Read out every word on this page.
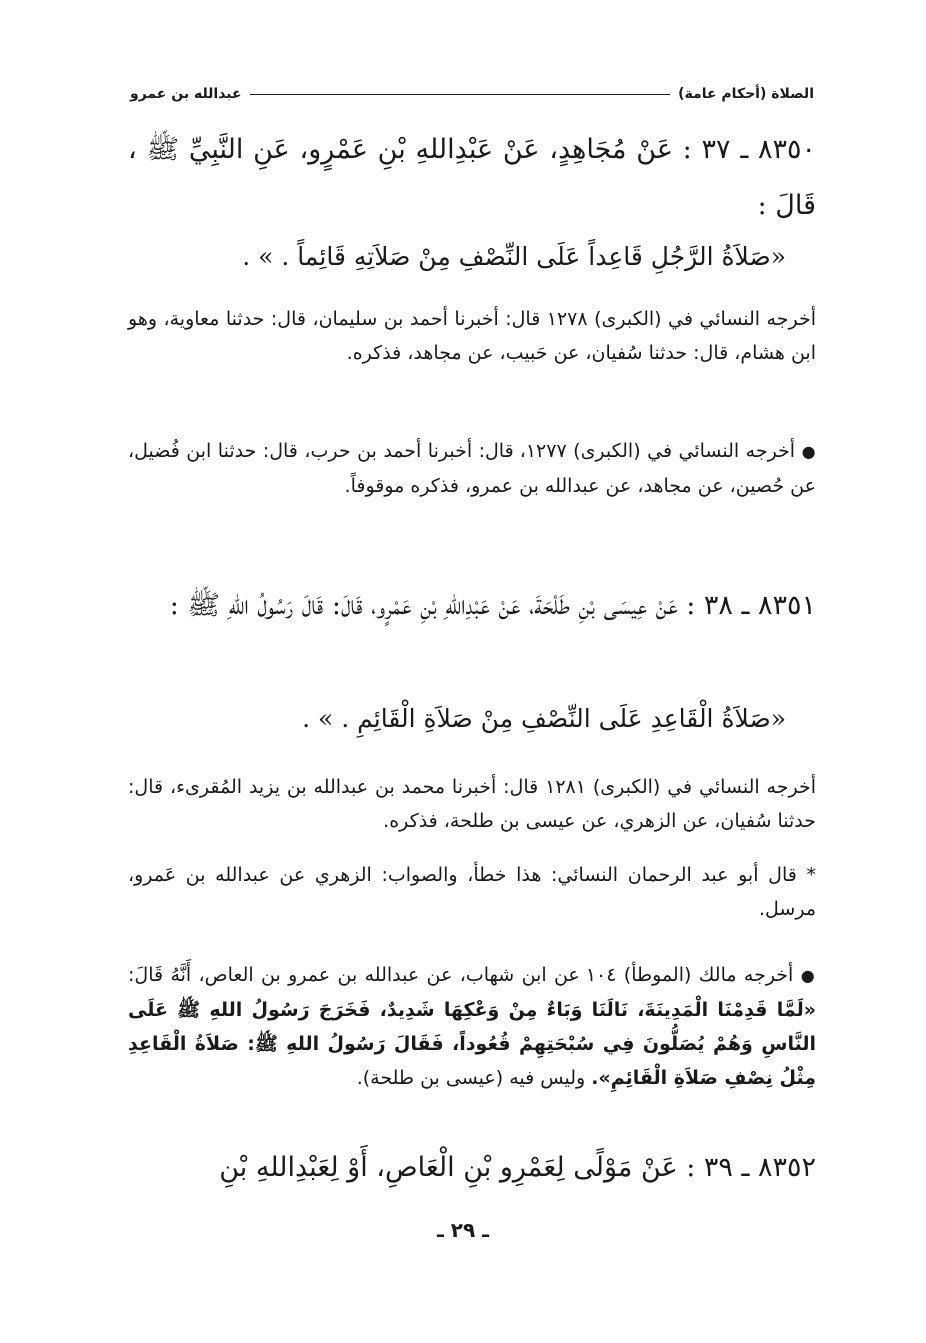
الصلاة (أحكام عامة)
عبدالله بن عمرو
٨٣٥٠ ـ ٣٧ : عَنْ مُجَاهِدٍ، عَنْ عَبْدِاللهِ بْنِ عَمْرٍو، عَنِ النَّبِيِّ ﷺ ، قَالَ :
«صَلاَةُ الرَّجُلِ قَاعِداً عَلَى النِّصْفِ مِنْ صَلاَتِهِ قَائِماً . » .
أخرجه النسائي في (الكبرى) ١٢٧٨ قال: أخبرنا أحمد بن سليمان، قال: حدثنا معاوية، وهو ابن هشام، قال: حدثنا سُفيان، عن حَبيب، عن مجاهد، فذكره.
● أخرجه النسائي في (الكبرى) ١٢٧٧، قال: أخبرنا أحمد بن حرب، قال: حدثنا ابن فُضيل، عن حُصين، عن مجاهد، عن عبدالله بن عمرو، فذكره موقوفاً.
٨٣٥١ ـ ٣٨ : عَنْ عِيسَى بْنِ طَلْحَةَ، عَنْ عَبْدِاللهِ بْنِ عَمْرٍو، قَالَ: قَالَ رَسُولُ اللهِ ﷺ :
«صَلاَةُ الْقَاعِدِ عَلَى النِّصْفِ مِنْ صَلاَةِ الْقَائِمِ . » .
أخرجه النسائي في (الكبرى) ١٢٨١ قال: أخبرنا محمد بن عبدالله بن يزيد المُقرىء، قال: حدثنا سُفيان، عن الزهري، عن عيسى بن طلحة، فذكره.
* قال أبو عبد الرحمان النسائي: هذا خطأ، والصواب: الزهري عن عبدالله بن عَمرو، مرسل.
● أخرجه مالك (الموطأ) ١٠٤ عن ابن شهاب، عن عبدالله بن عمرو بن العاص، أَنَّهُ قَالَ: «لَمَّا قَدِمْنَا الْمَدِينَةَ، نَالَنَا وَبَاءٌ مِنْ وَعْكِهَا شَدِيدٌ، فَخَرَجَ رَسُولُ اللهِ ﷺ عَلَى النَّاسِ وَهُمْ يُصَلُّونَ فِي سُبْحَتِهِمْ قُعُوداً، فَقَالَ رَسُولُ اللهِ ﷺ: صَلاَةُ الْقَاعِدِ مِثْلُ نِصْفِ صَلاَةِ الْقَائِمِ». وليس فيه (عيسى بن طلحة).
٨٣٥٢ ـ ٣٩ : عَنْ مَوْلًى لِعَمْرِو بْنِ الْعَاصِ، أَوْ لِعَبْدِاللهِ بْنِ
ـ ٢٩ ـ
